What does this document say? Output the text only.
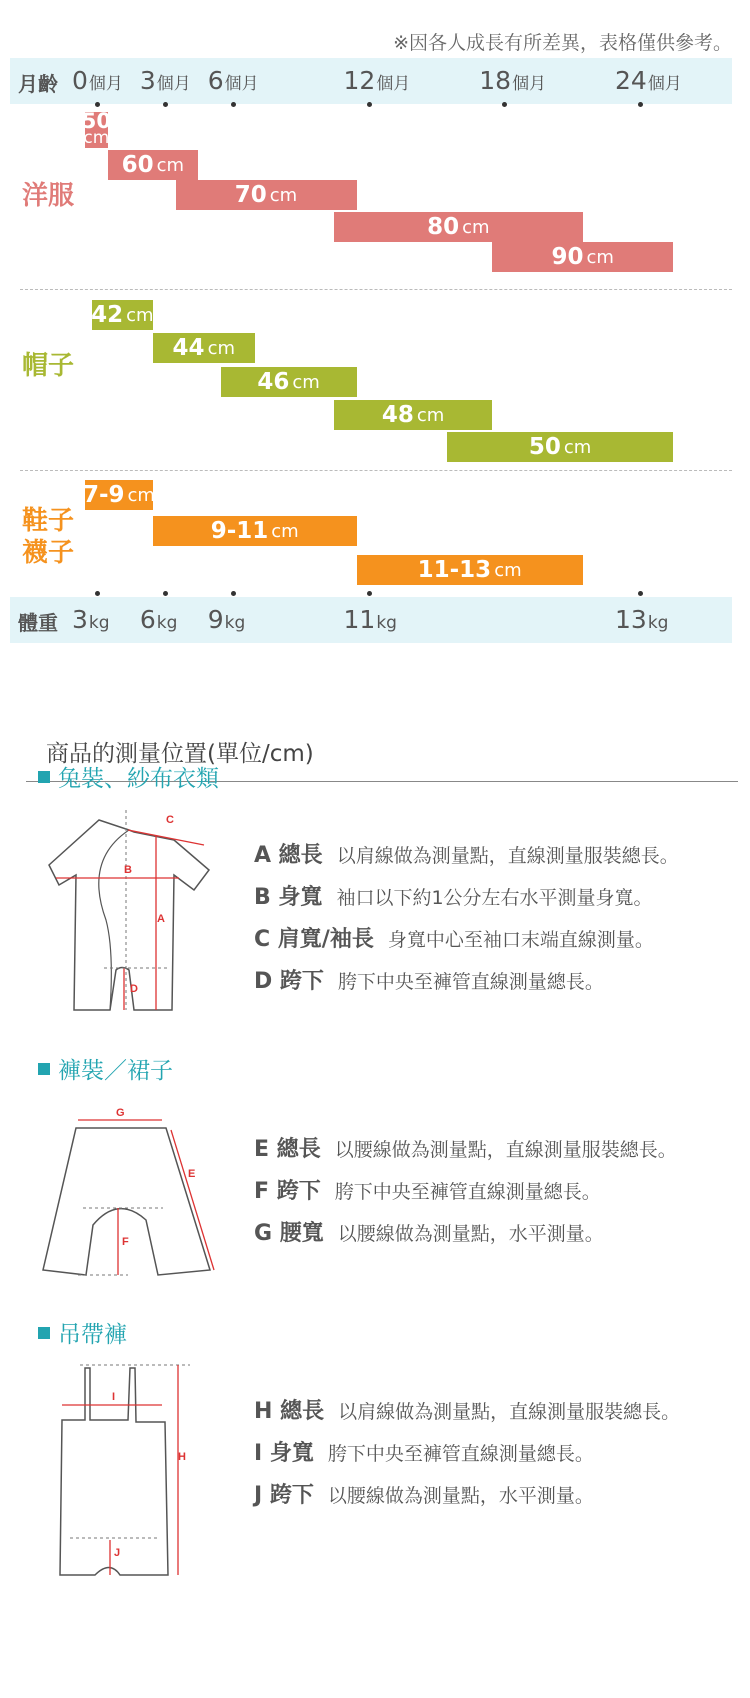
※因各人成長有所差異，表格僅供參考。
月齡 0個月 3個月 6個月	12個月	18個月	24個月
洋服
50
cm
60 cm
70 cm
80 cm
90 cm
帽子
42 cm
44 cm
46 cm
48 cm
50 cm
鞋子
襪子
7-9 cm
9-11 cm
11-13 cm
體重 3kg 6kg 9kg	11kg	13kg
商品的測量位置(單位/cm)
兔裝、紗布衣類
C
B
A
D
A 總長 以肩線做為測量點，直線測量服裝總長。
B 身寬 袖口以下約1公分左右水平測量身寬。
C 肩寬/袖長 身寬中心至袖口末端直線測量。
D 跨下 胯下中央至褲管直線測量總長。
褲裝／裙子
G
E
F
E 總長 以腰線做為測量點，直線測量服裝總長。
F 跨下 胯下中央至褲管直線測量總長。
G 腰寬 以腰線做為測量點，水平測量。
吊帶褲
I
H
J
H 總長 以肩線做為測量點，直線測量服裝總長。
I 身寬 胯下中央至褲管直線測量總長。
J 跨下 以腰線做為測量點，水平測量。
